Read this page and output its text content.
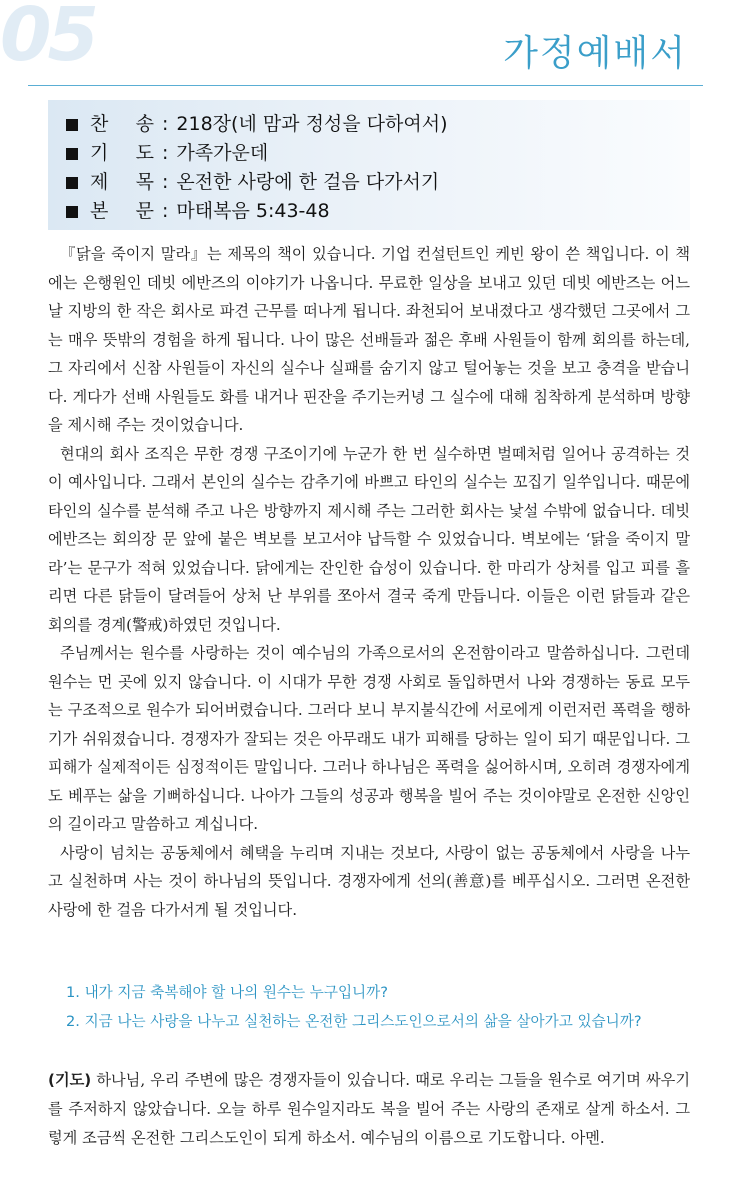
05	가정예배서
찬 송 : 218장(네 맘과 정성을 다하여서)
기 도 : 가족가운데
제 목 : 온전한 사랑에 한 걸음 다가서기
본 문 : 마태복음 5:43-48

『닭을 죽이지 말라』는 제목의 책이 있습니다. 기업 컨설턴트인 케빈 왕이 쓴 책입니다. 이 책에는 은행원인 데빗 에반즈의 이야기가 나옵니다. 무료한 일상을 보내고 있던 데빗 에반즈는 어느 날 지방의 한 작은 회사로 파견 근무를 떠나게 됩니다. 좌천되어 보내졌다고 생각했던 그곳에서 그는 매우 뜻밖의 경험을 하게 됩니다. 나이 많은 선배들과 젊은 후배 사원들이 함께 회의를 하는데, 그 자리에서 신참 사원들이 자신의 실수나 실패를 숨기지 않고 털어놓는 것을 보고 충격을 받습니다. 게다가 선배 사원들도 화를 내거나 핀잔을 주기는커녕 그 실수에 대해 침착하게 분석하며 방향을 제시해 주는 것이었습니다.

현대의 회사 조직은 무한 경쟁 구조이기에 누군가 한 번 실수하면 벌떼처럼 일어나 공격하는 것이 예사입니다. 그래서 본인의 실수는 감추기에 바쁘고 타인의 실수는 꼬집기 일쑤입니다. 때문에 타인의 실수를 분석해 주고 나은 방향까지 제시해 주는 그러한 회사는 낯설 수밖에 없습니다. 데빗 에반즈는 회의장 문 앞에 붙은 벽보를 보고서야 납득할 수 있었습니다. 벽보에는 ‘닭을 죽이지 말라’는 문구가 적혀 있었습니다. 닭에게는 잔인한 습성이 있습니다. 한 마리가 상처를 입고 피를 흘리면 다른 닭들이 달려들어 상처 난 부위를 쪼아서 결국 죽게 만듭니다. 이들은 이런 닭들과 같은 회의를 경계(警戒)하였던 것입니다.

주님께서는 원수를 사랑하는 것이 예수님의 가족으로서의 온전함이라고 말씀하십니다. 그런데 원수는 먼 곳에 있지 않습니다. 이 시대가 무한 경쟁 사회로 돌입하면서 나와 경쟁하는 동료 모두는 구조적으로 원수가 되어버렸습니다. 그러다 보니 부지불식간에 서로에게 이런저런 폭력을 행하기가 쉬워졌습니다. 경쟁자가 잘되는 것은 아무래도 내가 피해를 당하는 일이 되기 때문입니다. 그 피해가 실제적이든 심정적이든 말입니다. 그러나 하나님은 폭력을 싫어하시며, 오히려 경쟁자에게도 베푸는 삶을 기뻐하십니다. 나아가 그들의 성공과 행복을 빌어 주는 것이야말로 온전한 신앙인의 길이라고 말씀하고 계십니다.

사랑이 넘치는 공동체에서 혜택을 누리며 지내는 것보다, 사랑이 없는 공동체에서 사랑을 나누고 실천하며 사는 것이 하나님의 뜻입니다. 경쟁자에게 선의(善意)를 베푸십시오. 그러면 온전한 사랑에 한 걸음 다가서게 될 것입니다.

1. 내가 지금 축복해야 할 나의 원수는 누구입니까?
2. 지금 나는 사랑을 나누고 실천하는 온전한 그리스도인으로서의 삶을 살아가고 있습니까?

(기도) 하나님, 우리 주변에 많은 경쟁자들이 있습니다. 때로 우리는 그들을 원수로 여기며 싸우기를 주저하지 않았습니다. 오늘 하루 원수일지라도 복을 빌어 주는 사랑의 존재로 살게 하소서. 그렇게 조금씩 온전한 그리스도인이 되게 하소서. 예수님의 이름으로 기도합니다. 아멘.
